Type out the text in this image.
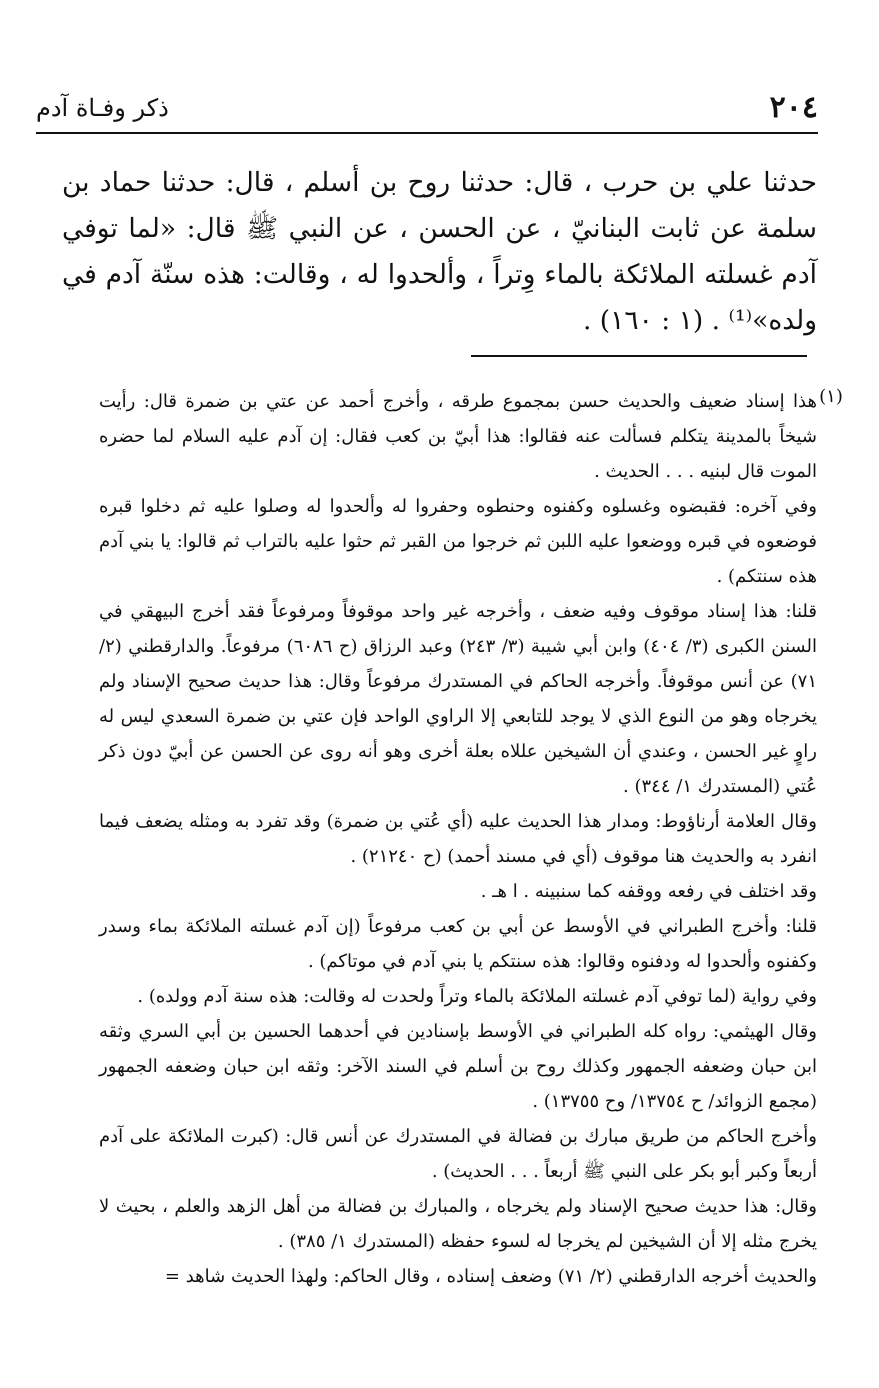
٢٠٤
ذكر وفـاة آدم

حدثنا علي بن حرب ، قال: حدثنا روح بن أسلم ، قال: حدثنا حماد بن سلمة عن ثابت البنانيّ ، عن الحسن ، عن النبي ﷺ قال: «لما توفي آدم غسلته الملائكة بالماء وِتراً ، وألحدوا له ، وقالت: هذه سنّة آدم في ولده»⁽¹⁾ . (١ : ١٦٠) .

(١)

هذا إسناد ضعيف والحديث حسن بمجموع طرقه ، وأخرج أحمد عن عتي بن ضمرة قال: رأيت شيخاً بالمدينة يتكلم فسألت عنه فقالوا: هذا أبيّ بن كعب فقال: إن آدم عليه السلام لما حضره الموت قال لبنيه . . . الحديث .

وفي آخره: فقبضوه وغسلوه وكفنوه وحنطوه وحفروا له وألحدوا له وصلوا عليه ثم دخلوا قبره فوضعوه في قبره ووضعوا عليه اللبن ثم خرجوا من القبر ثم حثوا عليه بالتراب ثم قالوا: يا بني آدم هذه سنتكم) .

قلنا: هذا إسناد موقوف وفيه ضعف ، وأخرجه غير واحد موقوفاً ومرفوعاً فقد أخرج البيهقي في السنن الكبرى (٣/ ٤٠٤) وابن أبي شيبة (٣/ ٢٤٣) وعبد الرزاق (ح ٦٠٨٦) مرفوعاً. والدارقطني (٢/ ٧١) عن أنس موقوفاً. وأخرجه الحاكم في المستدرك مرفوعاً وقال: هذا حديث صحيح الإسناد ولم يخرجاه وهو من النوع الذي لا يوجد للتابعي إلا الراوي الواحد فإن عتي بن ضمرة السعدي ليس له راوٍ غير الحسن ، وعندي أن الشيخين عللاه بعلة أخرى وهو أنه روى عن الحسن عن أبيّ دون ذكر عُتي (المستدرك ١/ ٣٤٤) .

وقال العلامة أرناؤوط: ومدار هذا الحديث عليه (أي عُتي بن ضمرة) وقد تفرد به ومثله يضعف فيما انفرد به والحديث هنا موقوف (أي في مسند أحمد) (ح ٢١٢٤٠) .

وقد اختلف في رفعه ووقفه كما سنبينه . ا هـ .

قلنا: وأخرج الطبراني في الأوسط عن أبي بن كعب مرفوعاً (إن آدم غسلته الملائكة بماء وسدر وكفنوه وألحدوا له ودفنوه وقالوا: هذه سنتكم يا بني آدم في موتاكم) .

وفي رواية (لما توفي آدم غسلته الملائكة بالماء وتراً ولحدت له وقالت: هذه سنة آدم وولده) .

وقال الهيثمي: رواه كله الطبراني في الأوسط بإسنادين في أحدهما الحسين بن أبي السري وثقه ابن حبان وضعفه الجمهور وكذلك روح بن أسلم في السند الآخر: وثقه ابن حبان وضعفه الجمهور (مجمع الزوائد/ ح ١٣٧٥٤/ وح ١٣٧٥٥) .

وأخرج الحاكم من طريق مبارك بن فضالة في المستدرك عن أنس قال: (كبرت الملائكة على آدم أربعاً وكبر أبو بكر على النبي ﷺ أربعاً . . . الحديث) .

وقال: هذا حديث صحيح الإسناد ولم يخرجاه ، والمبارك بن فضالة من أهل الزهد والعلم ، بحيث لا يخرج مثله إلا أن الشيخين لم يخرجا له لسوء حفظه (المستدرك ١/ ٣٨٥) .

والحديث أخرجه الدارقطني (٢/ ٧١) وضعف إسناده ، وقال الحاكم: ولهذا الحديث شاهد =
